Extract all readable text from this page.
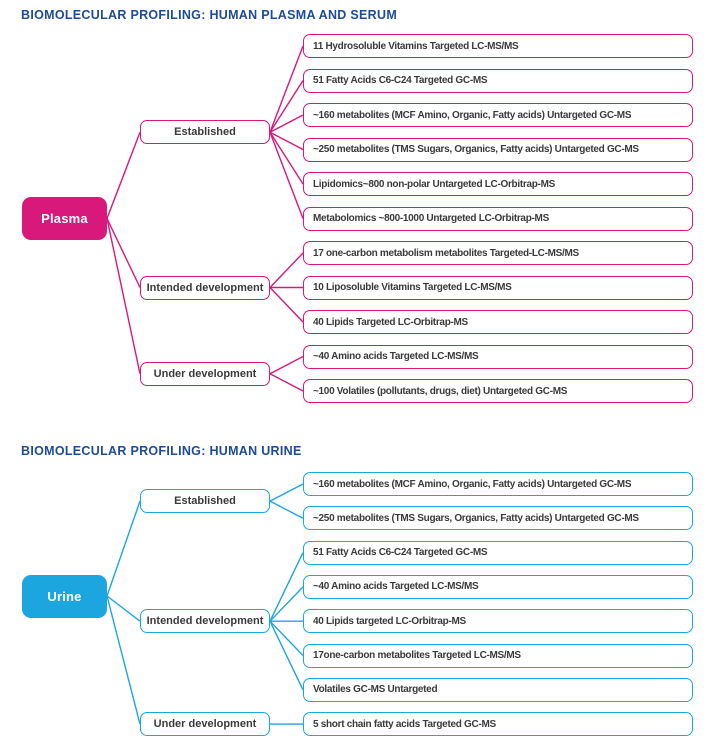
BIOMOLECULAR PROFILING: HUMAN PLASMA AND SERUM
11 Hydrosoluble Vitamins Targeted LC-MS/MS
51 Fatty Acids C6-C24 Targeted GC-MS
~160 metabolites (MCF Amino, Organic, Fatty acids) Untargeted GC-MS
~250 metabolites (TMS Sugars, Organics, Fatty acids) Untargeted GC-MS
Lipidomics~800 non-polar Untargeted LC-Orbitrap-MS
Metabolomics ~800-1000 Untargeted LC-Orbitrap-MS
Established
17 one-carbon metabolism metabolites Targeted-LC-MS/MS
10 Liposoluble Vitamins Targeted LC-MS/MS
40 Lipids Targeted LC-Orbitrap-MS
Intended development
~40 Amino acids Targeted LC-MS/MS
~100 Volatiles (pollutants, drugs, diet) Untargeted GC-MS
Under development
Plasma
BIOMOLECULAR PROFILING: HUMAN URINE
~160 metabolites (MCF Amino, Organic, Fatty acids) Untargeted GC-MS
~250 metabolites (TMS Sugars, Organics, Fatty acids) Untargeted GC-MS
Established
51 Fatty Acids C6-C24 Targeted GC-MS
~40 Amino acids Targeted LC-MS/MS
40 Lipids targeted LC-Orbitrap-MS
17one-carbon metabolites Targeted LC-MS/MS
Volatiles GC-MS Untargeted
Intended development
5 short chain fatty acids Targeted GC-MS
Under development
Urine
